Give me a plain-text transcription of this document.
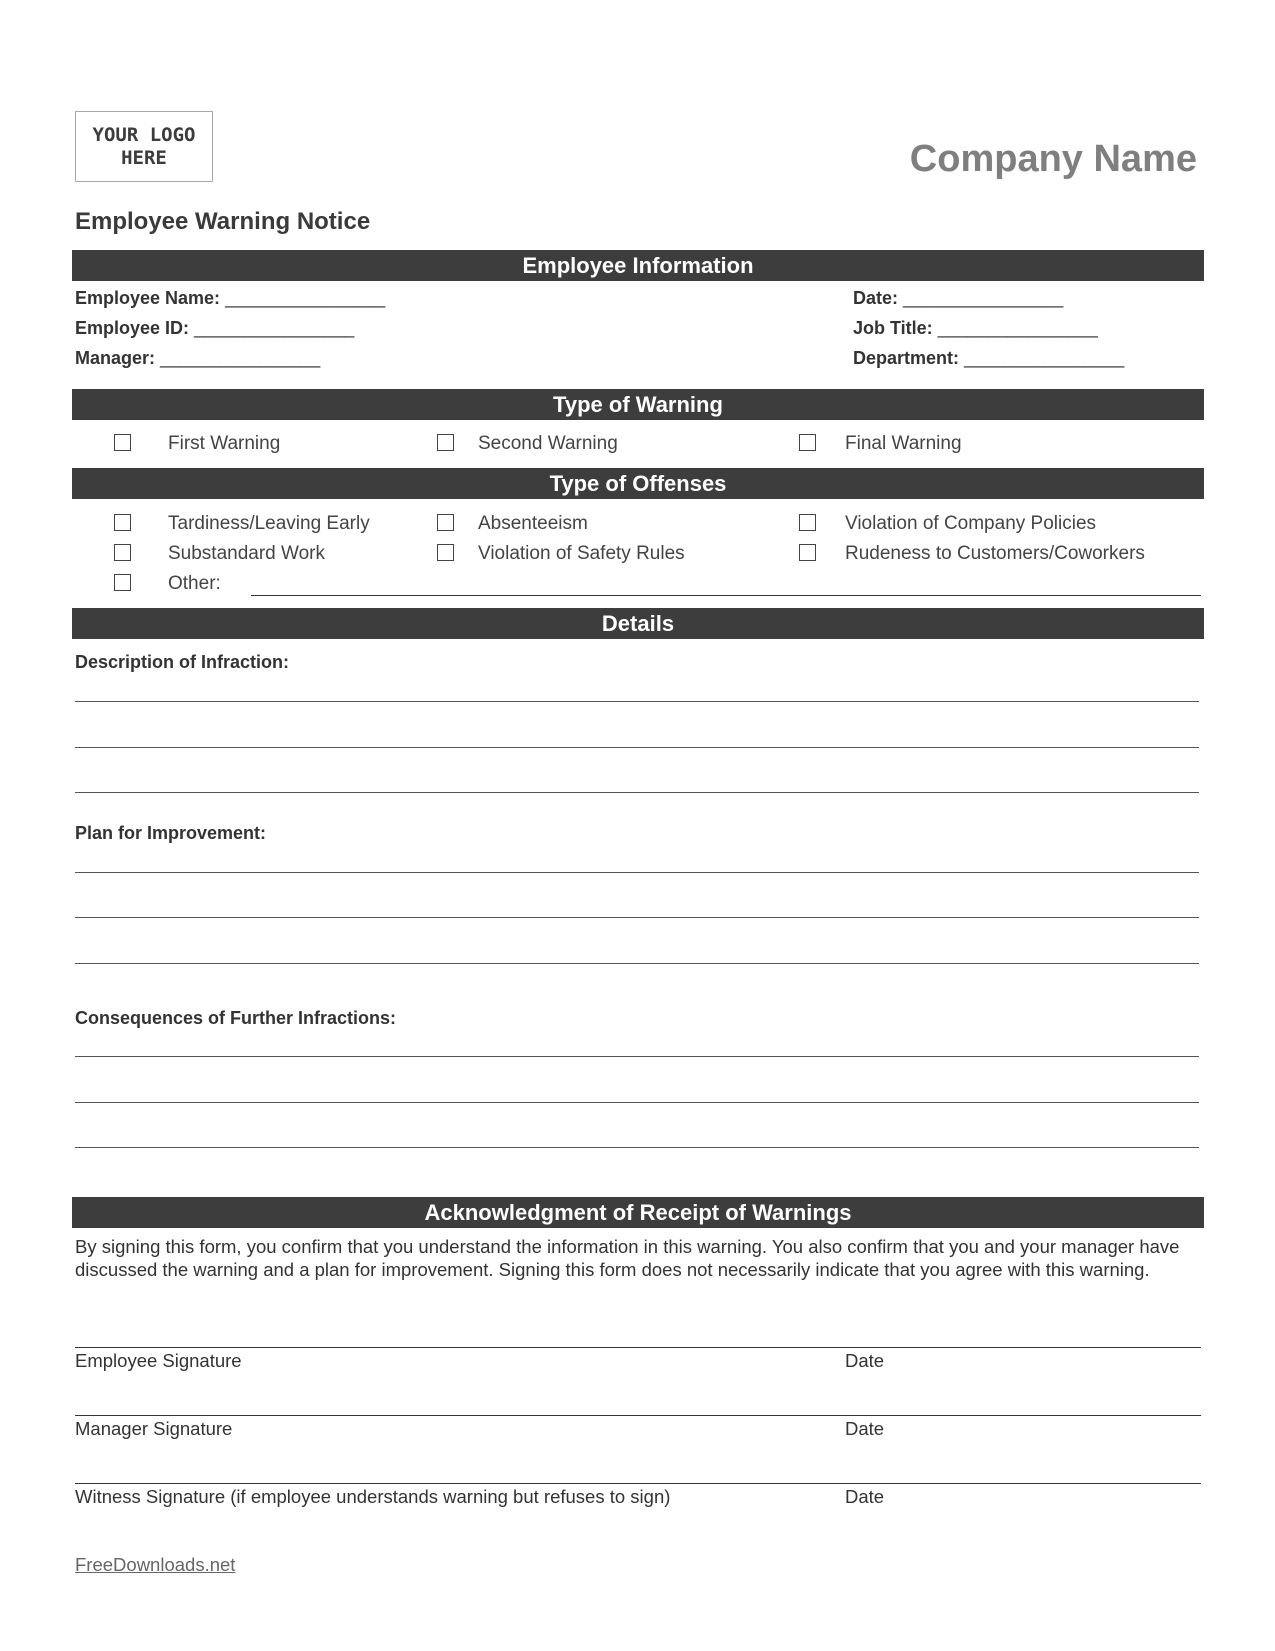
YOUR LOGO
HERE	Company Name
Employee Warning Notice
Employee Information
Employee Name: ________________
Employee ID: ________________
Manager: ________________
Date: ________________
Job Title: ________________
Department: ________________
Type of Warning
First Warning	Second Warning	Final Warning
Type of Offenses
Tardiness/Leaving Early	Absenteeism	Violation of Company Policies
Substandard Work	Violation of Safety Rules	Rudeness to Customers/Coworkers
Other:
Details
Description of Infraction:
Plan for Improvement:
Consequences of Further Infractions:
Acknowledgment of Receipt of Warnings
By signing this form, you confirm that you understand the information in this warning. You also confirm that you and your manager have discussed the warning and a plan for improvement. Signing this form does not necessarily indicate that you agree with this warning.
Employee Signature	Date
Manager Signature	Date
Witness Signature (if employee understands warning but refuses to sign)	Date
FreeDownloads.net
